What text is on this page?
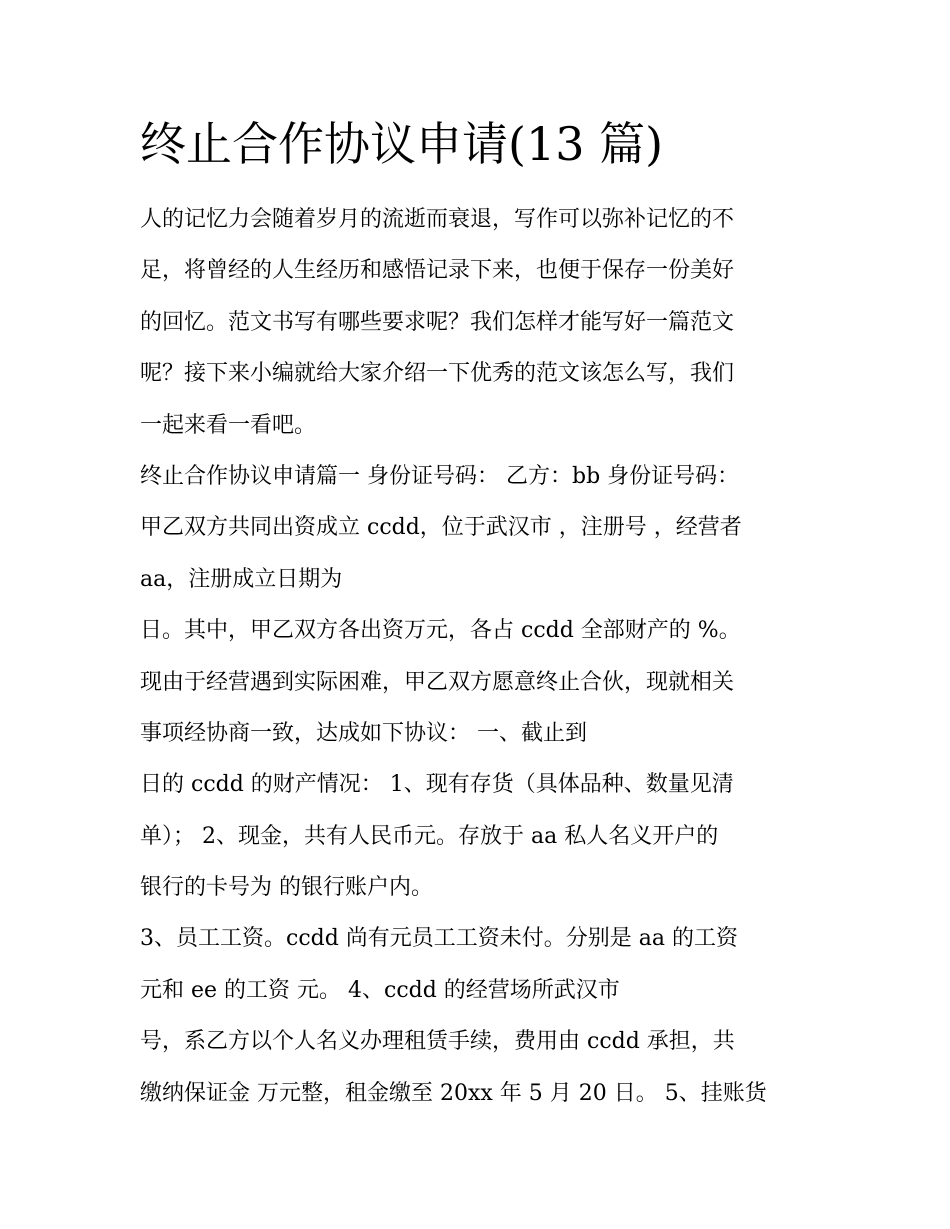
终止合作协议申请(13 篇)
人的记忆力会随着岁月的流逝而衰退，写作可以弥补记忆的不
足，将曾经的人生经历和感悟记录下来，也便于保存一份美好
的回忆。范文书写有哪些要求呢？我们怎样才能写好一篇范文
呢？接下来小编就给大家介绍一下优秀的范文该怎么写，我们
一起来看一看吧。
终止合作协议申请篇一 身份证号码： 乙方：bb 身份证号码：
甲乙双方共同出资成立 ccdd，位于武汉市 ，注册号 ，经营者
aa，注册成立日期为
日。其中，甲乙双方各出资万元，各占 ccdd 全部财产的 %。
现由于经营遇到实际困难，甲乙双方愿意终止合伙，现就相关
事项经协商一致，达成如下协议： 一、截止到
日的 ccdd 的财产情况： 1、现有存货（具体品种、数量见清
单）； 2、现金，共有人民币元。存放于 aa 私人名义开户的
银行的卡号为 的银行账户内。
3、员工工资。ccdd 尚有元员工工资未付。分别是 aa 的工资
元和 ee 的工资 元。 4、ccdd 的经营场所武汉市
号，系乙方以个人名义办理租赁手续，费用由 ccdd 承担，共
缴纳保证金 万元整，租金缴至 20xx 年 5 月 20 日。 5、挂账货
